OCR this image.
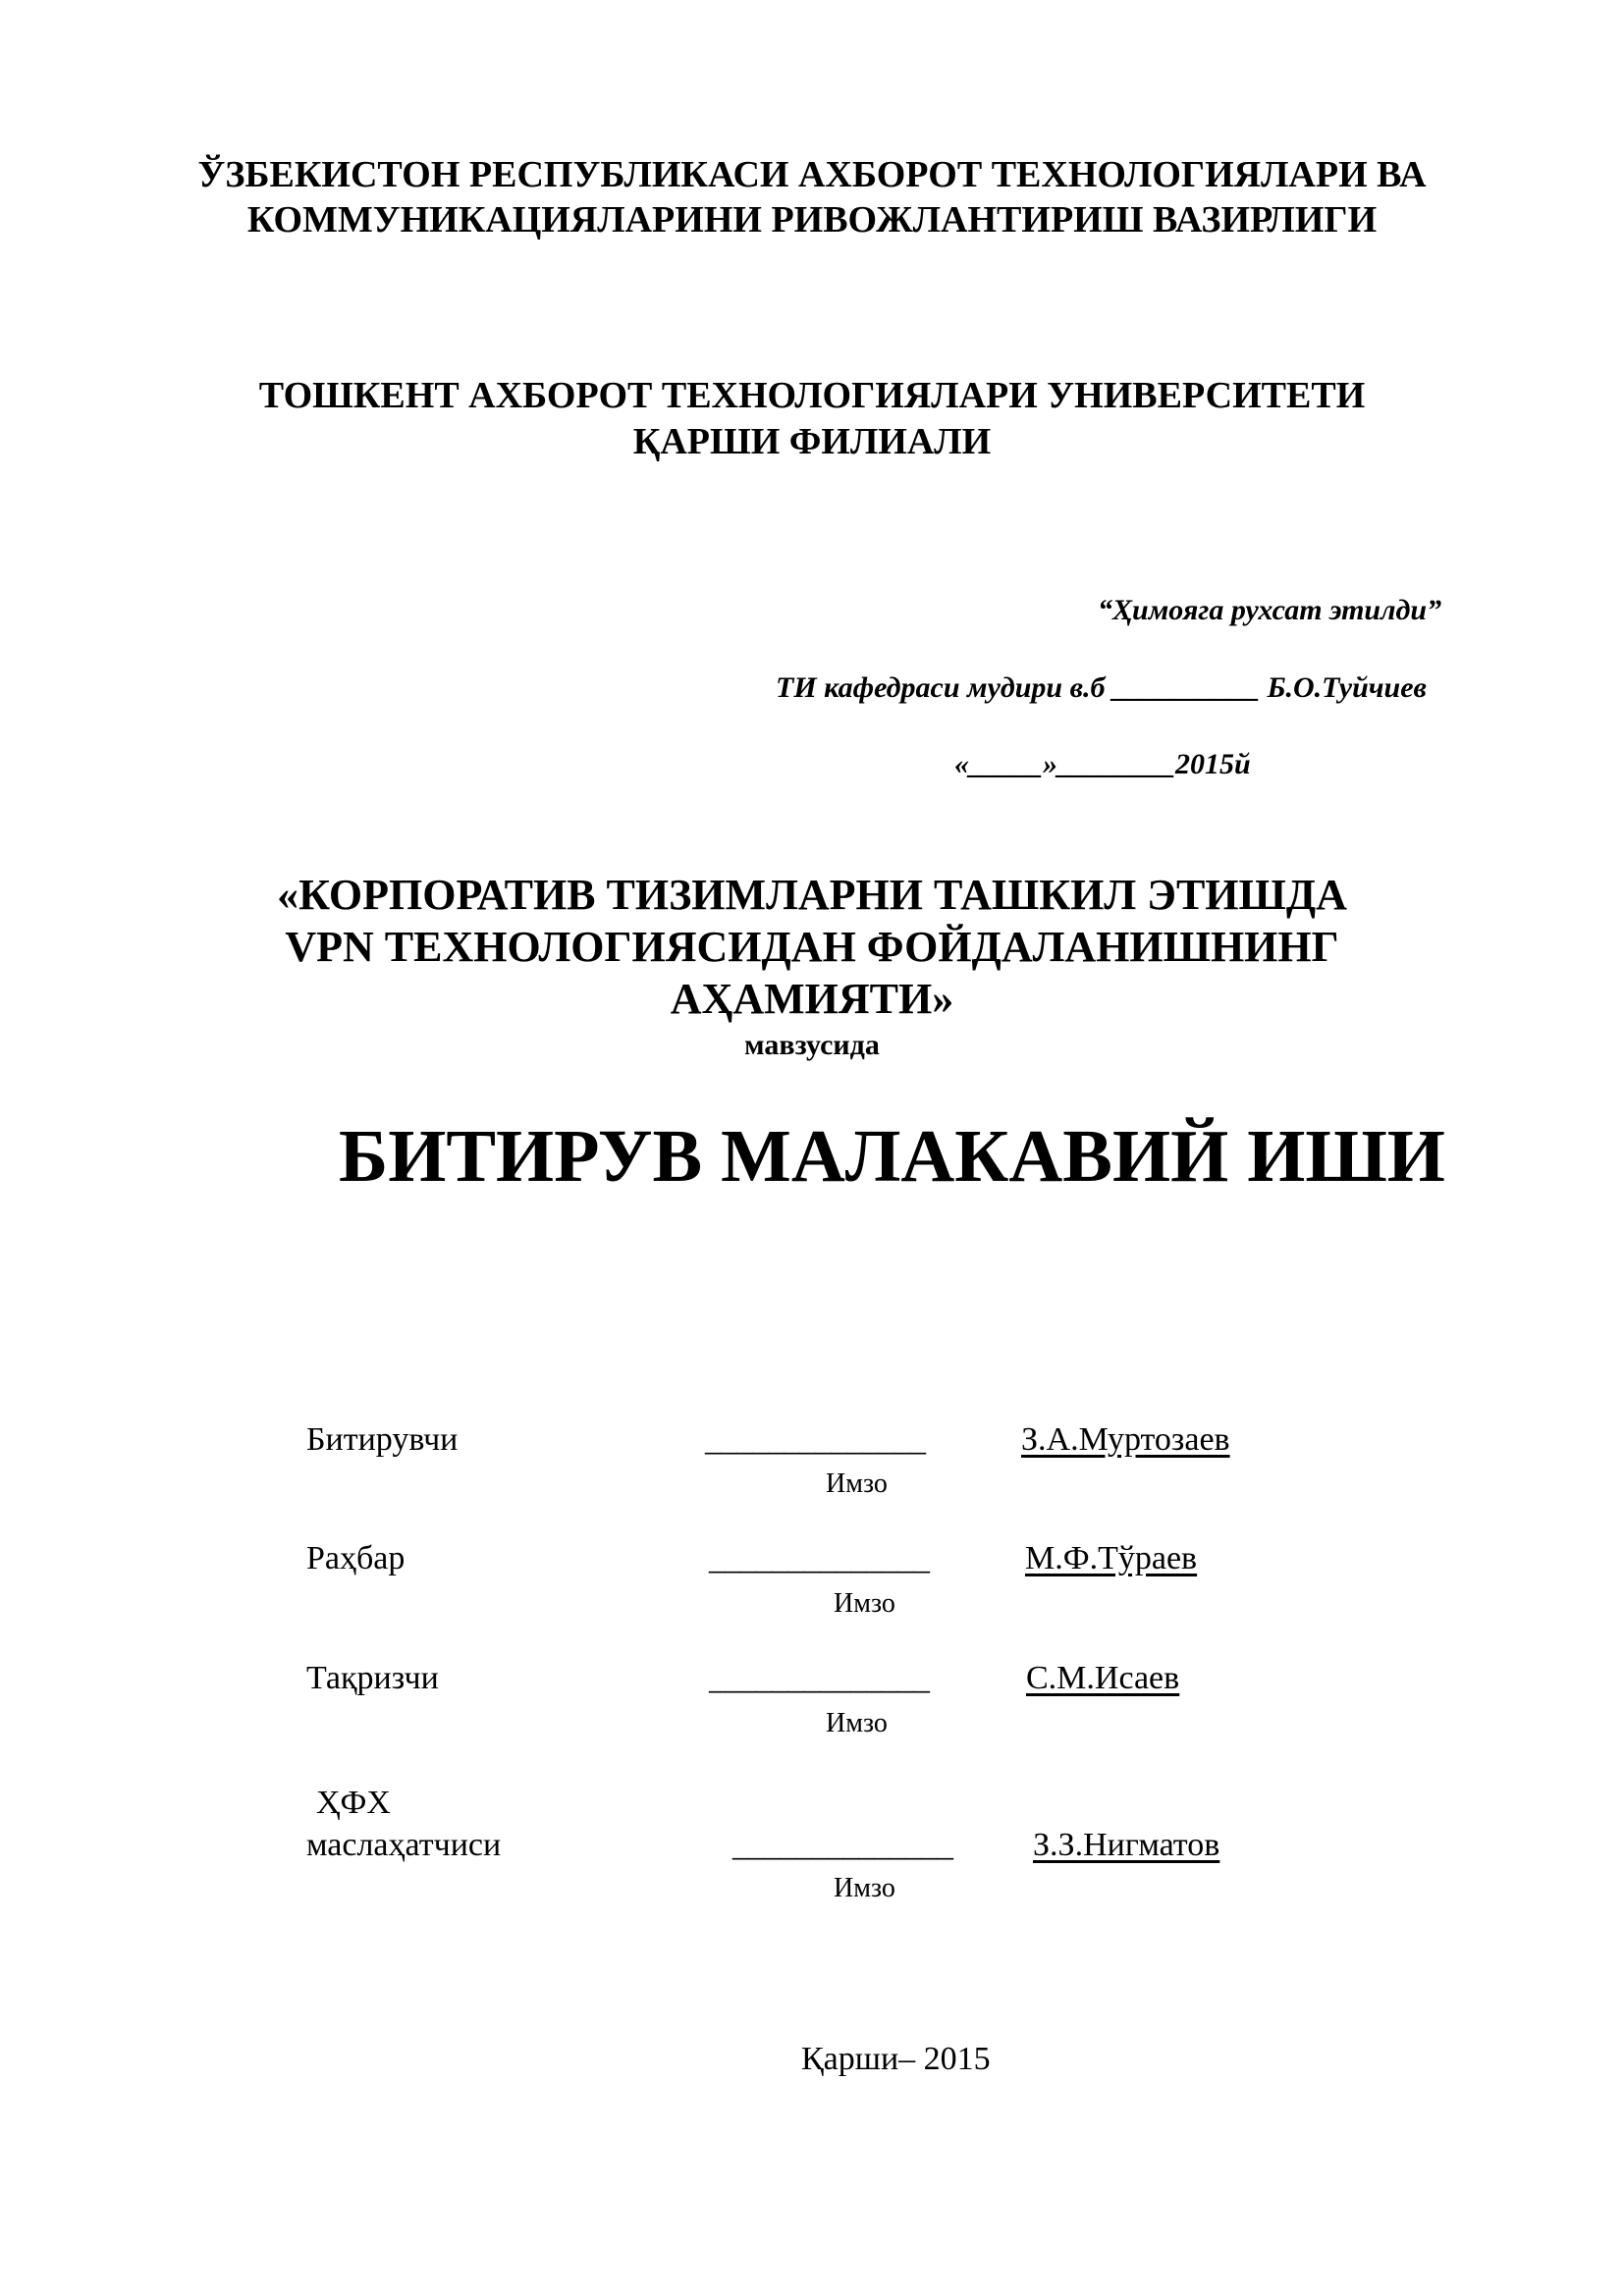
ЎЗБЕКИСТОН РЕСПУБЛИКАСИ АХБОРОТ ТЕХНОЛОГИЯЛАРИ ВА
КОММУНИКАЦИЯЛАРИНИ РИВОЖЛАНТИРИШ ВАЗИРЛИГИ
ТОШКЕНТ АХБОРОТ ТЕХНОЛОГИЯЛАРИ УНИВЕРСИТЕТИ
ҚАРШИ ФИЛИАЛИ
“Ҳимояга рухсат этилди”
ТИ кафедраси мудири в.б __________ Б.О.Туйчиев
«_____»________2015й
«КОРПОРАТИВ ТИЗИМЛАРНИ ТАШКИЛ ЭТИШДА
VPN ТЕХНОЛОГИЯСИДАН ФОЙДАЛАНИШНИНГ
АҲАМИЯТИ»
мавзусида
БИТИРУВ МАЛАКАВИЙ ИШИ
Битирувчи	______________	З.А.Муртозаев
Имзо
Раҳбар	______________	М.Ф.Тўраев
Имзо
Тақризчи	______________	С.М.Исаев
Имзо
ҲФХ
маслаҳатчиси	______________ З.З.Нигматов
Имзо
Қарши– 2015
